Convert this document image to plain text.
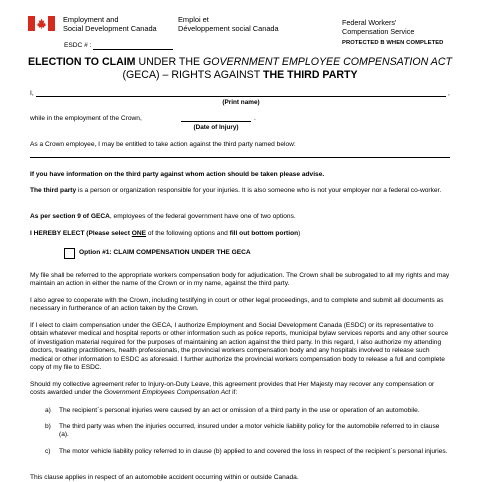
Employment and
Social Development Canada
Emploi et
Développement social Canada
Federal Workers'
Compensation Service
PROTECTED B WHEN COMPLETED
ESDC # :
ELECTION TO CLAIM UNDER THE GOVERNMENT EMPLOYEE COMPENSATION ACT
(GECA) – RIGHTS AGAINST THE THIRD PARTY
I,	,
(Print name)
while in the employment of the Crown,	.
(Date of Injury)
As a Crown employee, I may be entitled to take action against the third party named below:
If you have information on the third party against whom action should be taken please advise.
The third party is a person or organization responsible for your injuries. It is also someone who is not your employer nor a federal co-worker.
As per section 9 of GECA, employees of the federal government have one of two options.
I HEREBY ELECT (Please select ONE of the following options and fill out bottom portion)
Option #1: CLAIM COMPENSATION UNDER THE GECA
My file shall be referred to the appropriate workers compensation body for adjudication. The Crown shall be subrogated to all my rights and may maintain an action in either the name of the Crown or in my name, against the third party.
I also agree to cooperate with the Crown, including testifying in court or other legal proceedings, and to complete and submit all documents as necessary in furtherance of an action taken by the Crown.
If I elect to claim compensation under the GECA, I authorize Employment and Social Development Canada (ESDC) or its representative to obtain whatever medical and hospital reports or other information such as police reports, municipal bylaw services reports and any other source of investigation material required for the purposes of maintaining an action against the third party. In this regard, I also authorize my attending doctors, treating practitioners, health professionals, the provincial workers compensation body and any hospitals involved to release such medical or other information to ESDC as aforesaid. I further authorize the provincial workers compensation body to release a full and complete copy of my file to ESDC.
Should my collective agreement refer to Injury-on-Duty Leave, this agreement provides that Her Majesty may recover any compensation or costs awarded under the Government Employees Compensation Act if:
a) The recipient`s personal injuries were caused by an act or omission of a third party in the use or operation of an automobile.
b) The third party was when the injuries occurred, insured under a motor vehicle liability policy for the automobile referred to in clause (a).
c) The motor vehicle liability policy referred to in clause (b) applied to and covered the loss in respect of the recipient`s personal injuries.
This clause applies in respect of an automobile accident occurring within or outside Canada.
